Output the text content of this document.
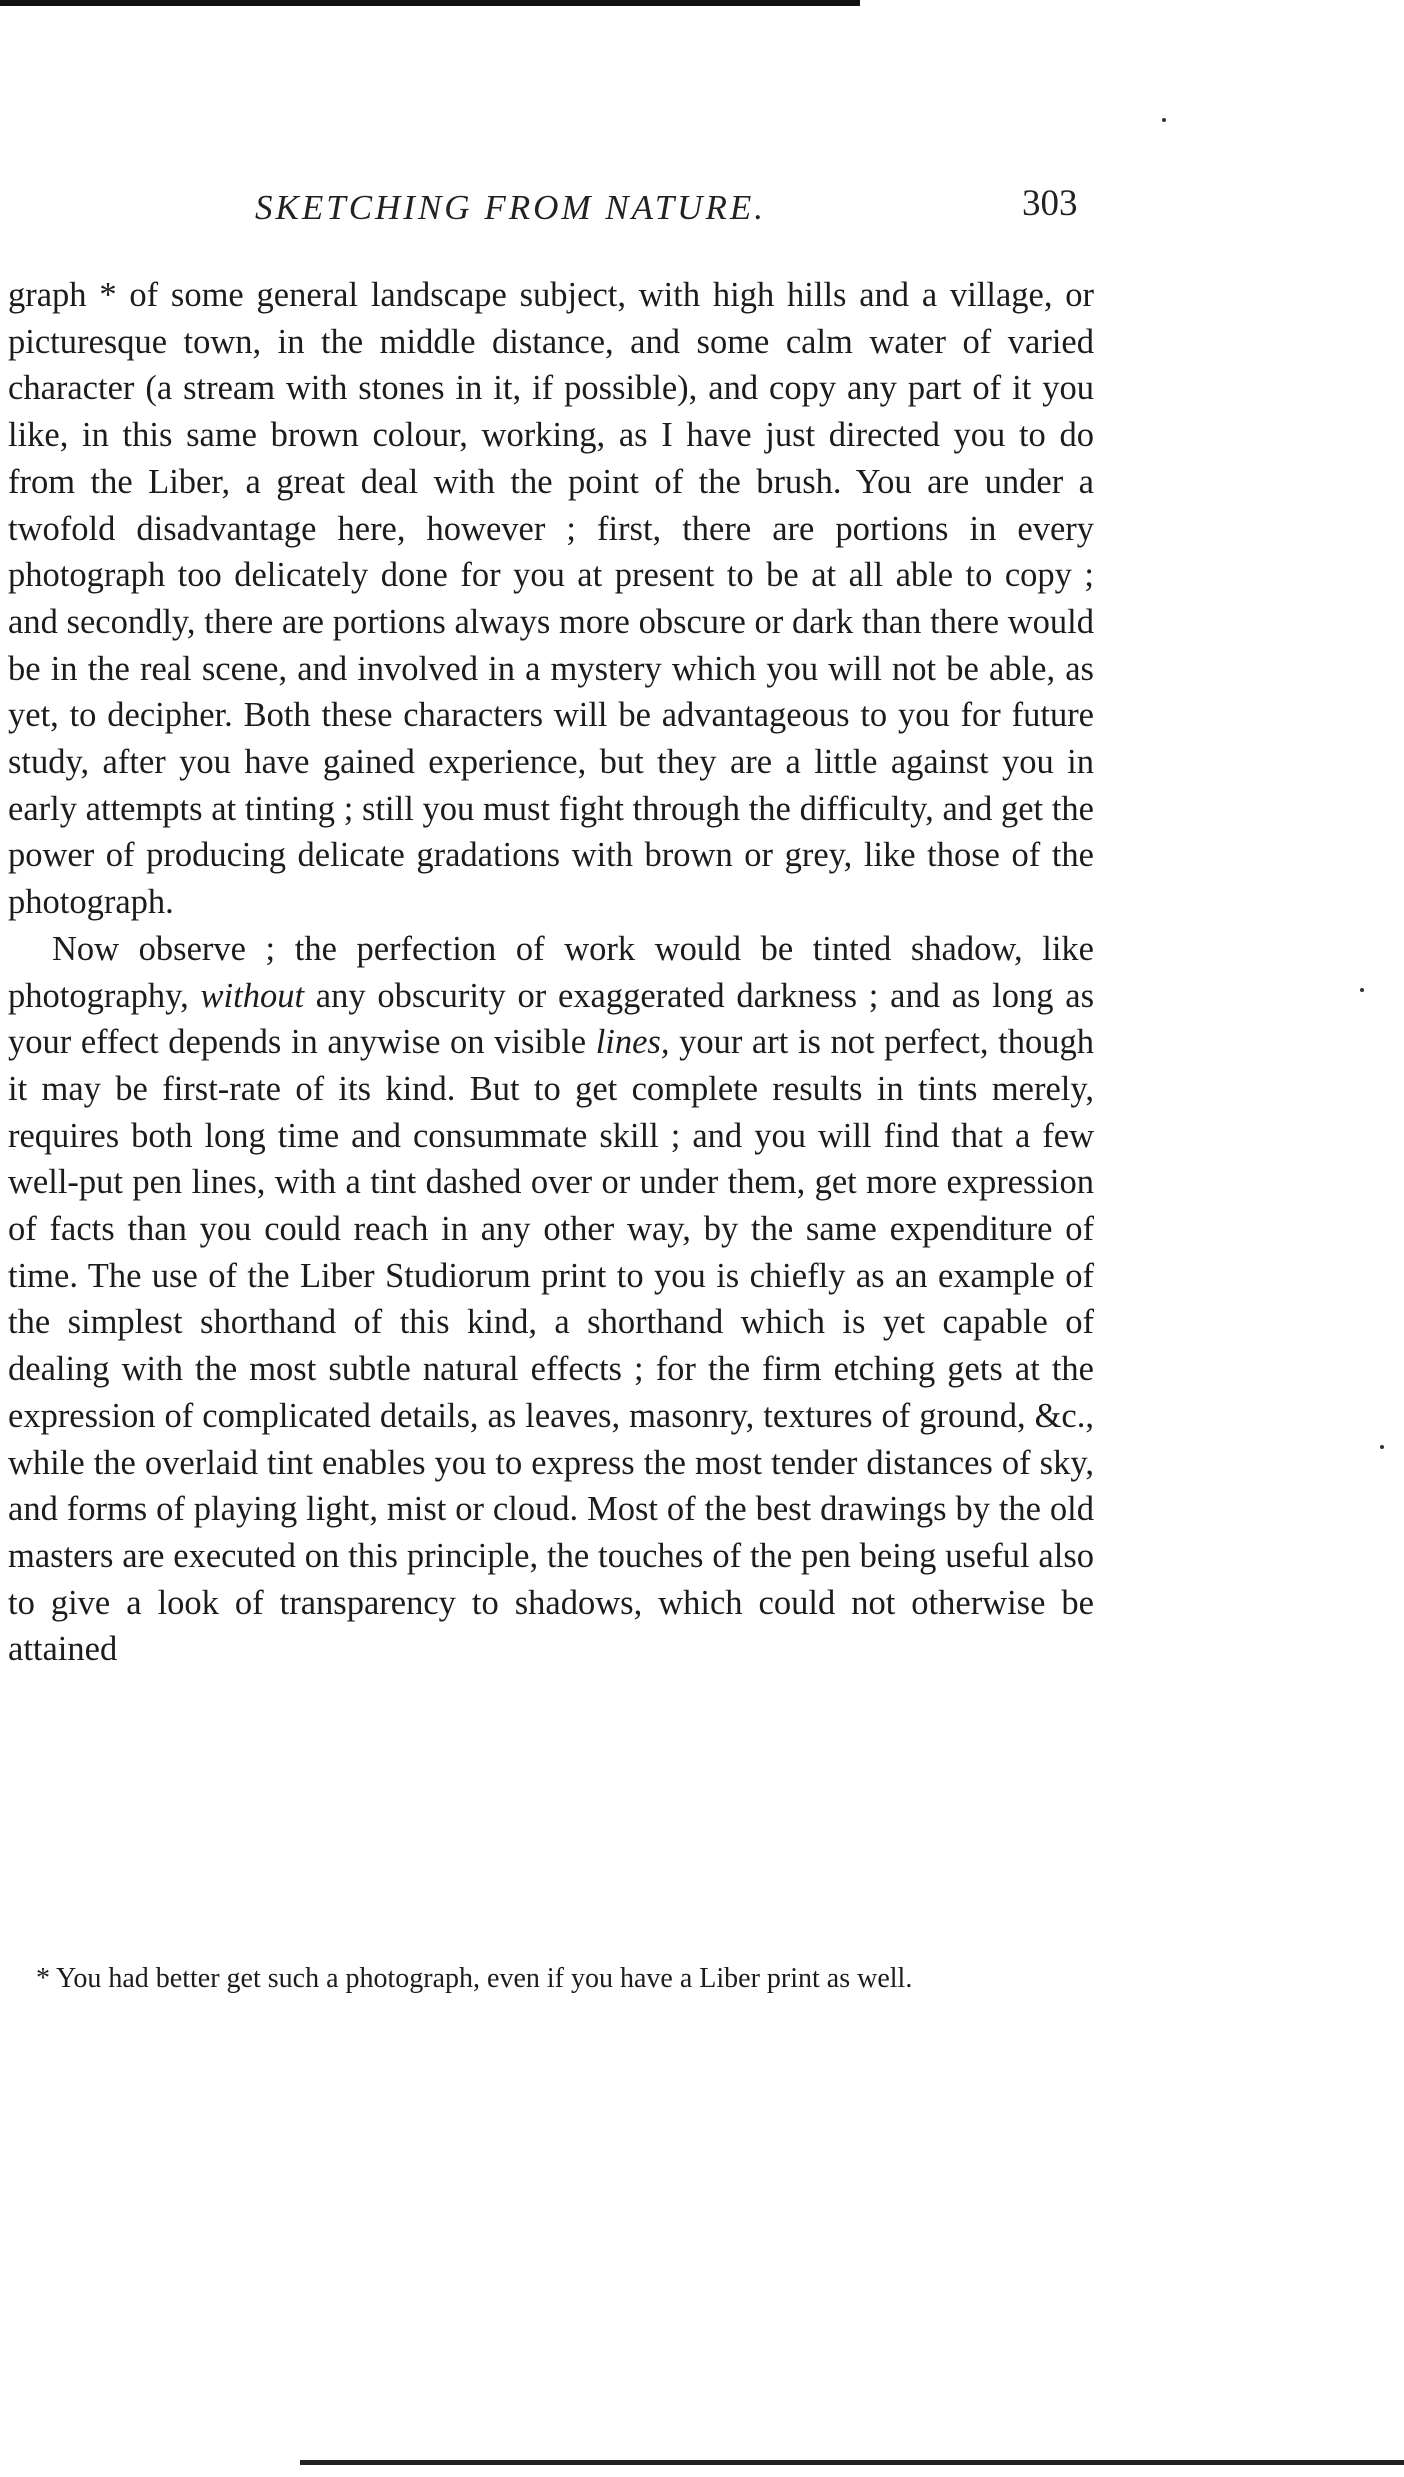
SKETCHING FROM NATURE.	303

graph * of some general landscape subject, with high hills and a village, or picturesque town, in the middle distance, and some calm water of varied character (a stream with stones in it, if possible), and copy any part of it you like, in this same brown colour, working, as I have just directed you to do from the Liber, a great deal with the point of the brush. You are under a twofold disadvantage here, however ; first, there are portions in every photograph too delicately done for you at present to be at all able to copy ; and secondly, there are portions always more obscure or dark than there would be in the real scene, and involved in a mystery which you will not be able, as yet, to decipher. Both these characters will be advantageous to you for future study, after you have gained experience, but they are a little against you in early attempts at tinting ; still you must fight through the difficulty, and get the power of producing delicate gradations with brown or grey, like those of the photograph.

Now observe ; the perfection of work would be tinted shadow, like photography, without any obscurity or exaggerated darkness ; and as long as your effect depends in anywise on visible lines, your art is not perfect, though it may be first-rate of its kind. But to get complete results in tints merely, requires both long time and consummate skill ; and you will find that a few well-put pen lines, with a tint dashed over or under them, get more expression of facts than you could reach in any other way, by the same expenditure of time. The use of the Liber Studiorum print to you is chiefly as an example of the simplest shorthand of this kind, a shorthand which is yet capable of dealing with the most subtle natural effects ; for the firm etching gets at the expression of complicated details, as leaves, masonry, textures of ground, &c., while the overlaid tint enables you to express the most tender distances of sky, and forms of playing light, mist or cloud. Most of the best drawings by the old masters are executed on this principle, the touches of the pen being useful also to give a look of transparency to shadows, which could not otherwise be attained

* You had better get such a photograph, even if you have a Liber print as well.
